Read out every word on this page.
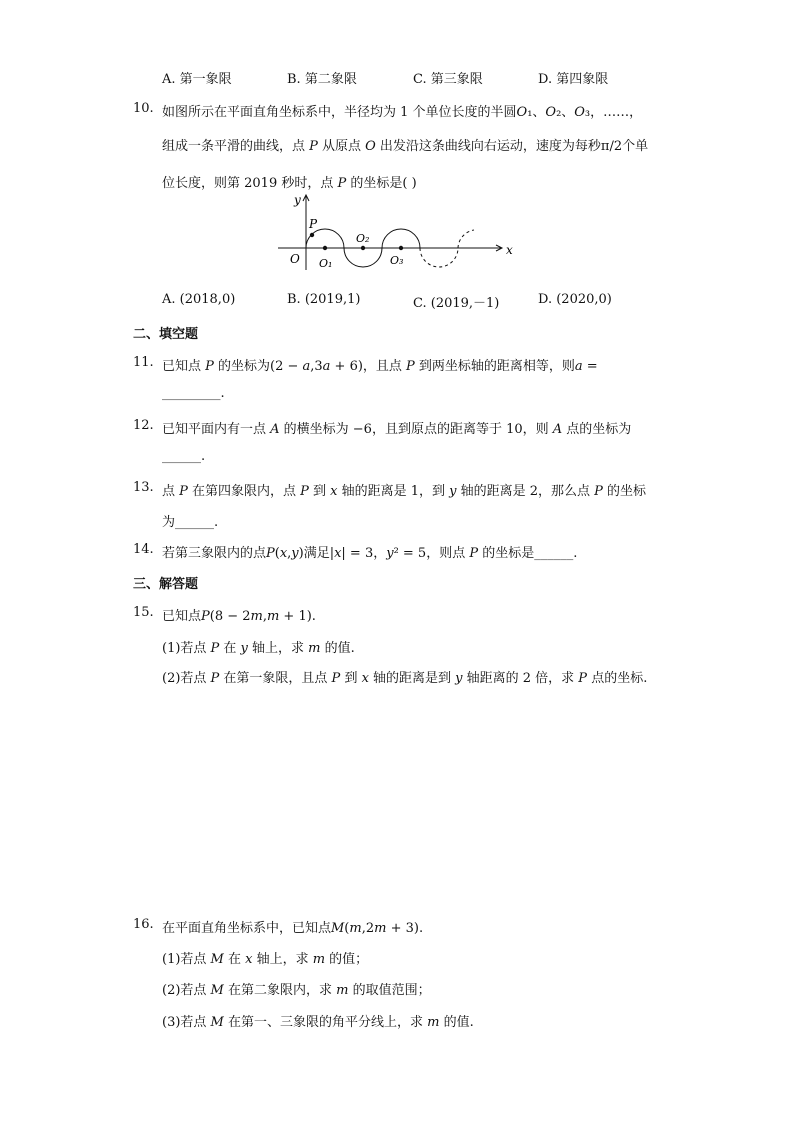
A. 第一象限	B. 第二象限	C. 第三象限	D. 第四象限
10. 如图所示在平面直角坐标系中，半径均为 1 个单位长度的半圆𝑂₁、𝑂₂、𝑂₃，……，
组成一条平滑的曲线，点 𝑃 从原点 𝑂 出发沿这条曲线向右运动，速度为每秒π/2个单
位长度，则第 2019 秒时，点 𝑃 的坐标是( )
y
x
O
P
O₁
O₂
O₃
A. (2018,0)	B. (2019,1)	C. (2019,－1)	D. (2020,0)
二、填空题
11. 已知点 𝑃 的坐标为(2 − 𝑎,3𝑎 + 6)，且点 𝑃 到两坐标轴的距离相等，则𝑎 =
_________.
12. 已知平面内有一点 𝐴 的横坐标为 −6，且到原点的距离等于 10，则 𝐴 点的坐标为
______.
13. 点 𝑃 在第四象限内，点 𝑃 到 𝑥 轴的距离是 1，到 𝑦 轴的距离是 2，那么点 𝑃 的坐标
为______.
14. 若第三象限内的点𝑃(𝑥,𝑦)满足|𝑥| = 3，𝑦² = 5，则点 𝑃 的坐标是______.
三、解答题
15. 已知点𝑃(8 − 2𝑚,𝑚 + 1).
(1)若点 𝑃 在 𝑦 轴上，求 𝑚 的值.
(2)若点 𝑃 在第一象限，且点 𝑃 到 𝑥 轴的距离是到 𝑦 轴距离的 2 倍，求 𝑃 点的坐标.
16. 在平面直角坐标系中，已知点𝑀(𝑚,2𝑚 + 3).
(1)若点 𝑀 在 𝑥 轴上，求 𝑚 的值；
(2)若点 𝑀 在第二象限内，求 𝑚 的取值范围；
(3)若点 𝑀 在第一、三象限的角平分线上，求 𝑚 的值.
